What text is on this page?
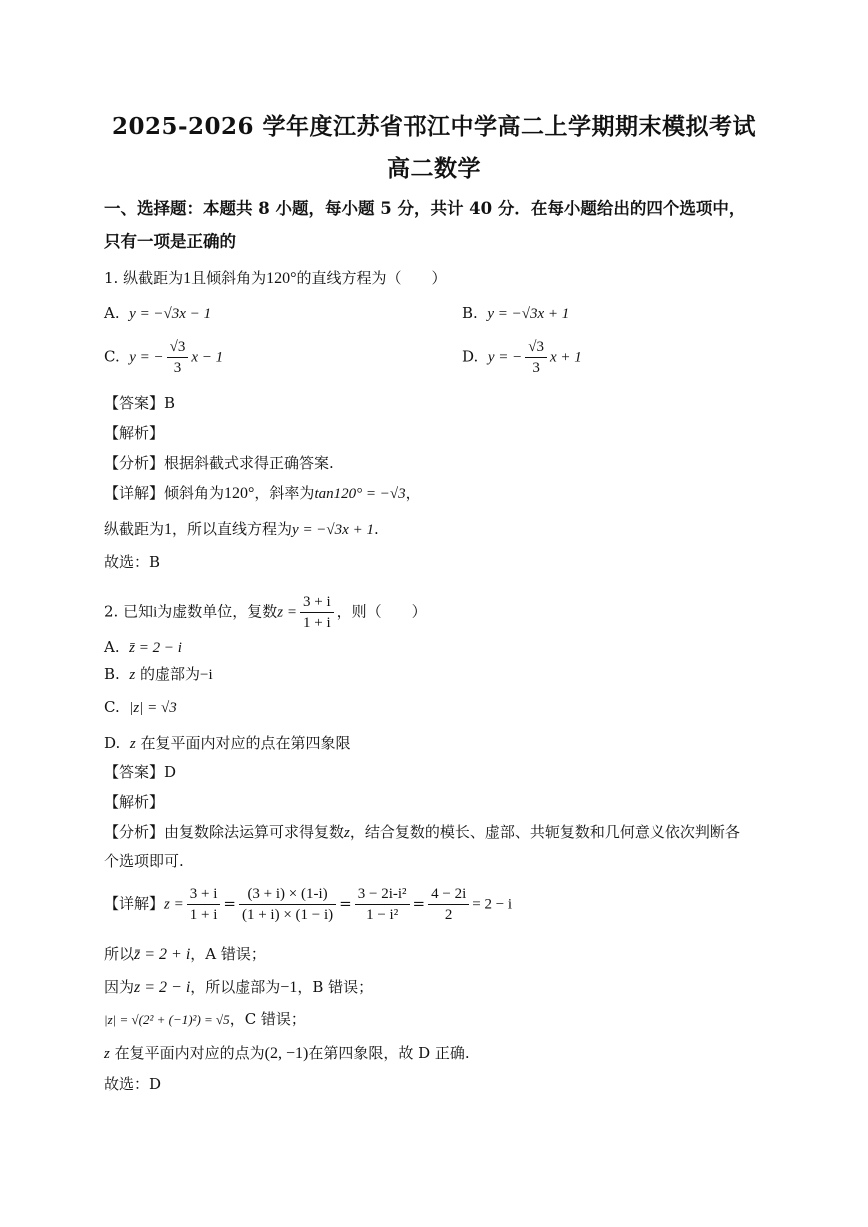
2025-2026 学年度江苏省邗江中学高二上学期期末模拟考试
高二数学
一、选择题：本题共 8 小题，每小题 5 分，共计 40 分．在每小题给出的四个选项中，
只有一项是正确的
1. 纵截距为1且倾斜角为120°的直线方程为（　　）
A. y = −√3x − 1	B. y = −√3x + 1
C. y = − $\frac{√3}{3}$ x − 1	D. y = − $\frac{√3}{3}$ x + 1
【答案】B
【解析】
【分析】根据斜截式求得正确答案.
【详解】倾斜角为120°，斜率为tan120° = −√3，
纵截距为1，所以直线方程为y = −√3x + 1.
故选：B
2. 已知i为虚数单位，复数$z = \frac{3 + i}{1 + i}$ ，则（　　）
A. z̄ = 2 − i
B. z 的虚部为−i
C. |z| = √3
D. z 在复平面内对应的点在第四象限
【答案】D
【解析】
【分析】由复数除法运算可求得复数z，结合复数的模长、虚部、共轭复数和几何意义依次判断各
个选项即可.
【详解】$z = \frac{3 + i}{1 + i} = \frac{(3 + i) \times (1-i)}{(1 + i) \times (1 - i)} = \frac{\text{3 − 2i-i²}}{\text{1 − i²}} = \frac{4 - 2i}{2} = 2 - i$
所以z̄ = 2 + i，A 错误；
因为z = 2 − i，所以虚部为−1，B 错误；
|z| = √(2² + (−1)²) = √5，C 错误；
z 在复平面内对应的点为(2, −1)在第四象限，故 D 正确.
故选：D
